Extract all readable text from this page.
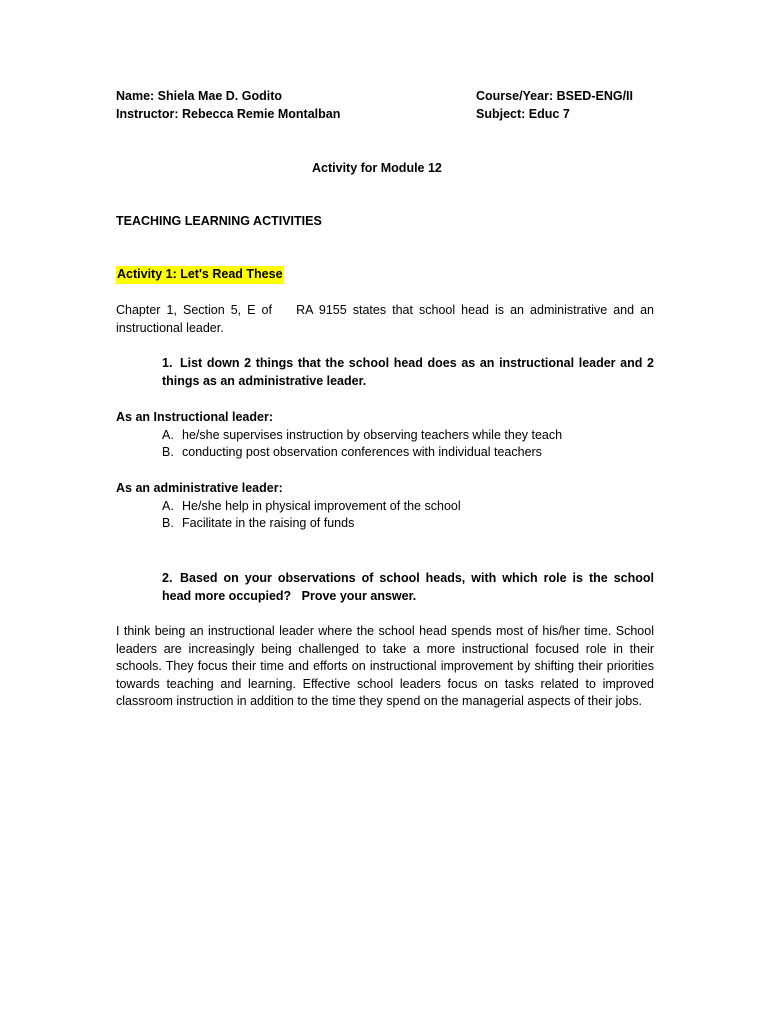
Name: Shiela Mae D. Godito
Instructor: Rebecca Remie Montalban
Course/Year: BSED-ENG/II
Subject: Educ 7
Activity for Module 12
TEACHING LEARNING ACTIVITIES
Activity 1: Let's Read These
Chapter 1, Section 5, E of    RA 9155 states that school head is an administrative and an instructional leader.
1. List down 2 things that the school head does as an instructional leader and 2 things as an administrative leader.
As an Instructional leader:
A. he/she supervises instruction by observing teachers while they teach
B. conducting post observation conferences with individual teachers
As an administrative leader:
A. He/she help in physical improvement of the school
B. Facilitate in the raising of funds
2. Based on your observations of school heads, with which role is the school head more occupied?   Prove your answer.
I think being an instructional leader where the school head spends most of his/her time. School leaders are increasingly being challenged to take a more instructional focused role in their schools. They focus their time and efforts on instructional improvement by shifting their priorities towards teaching and learning. Effective school leaders focus on tasks related to improved classroom instruction in addition to the time they spend on the managerial aspects of their jobs.
